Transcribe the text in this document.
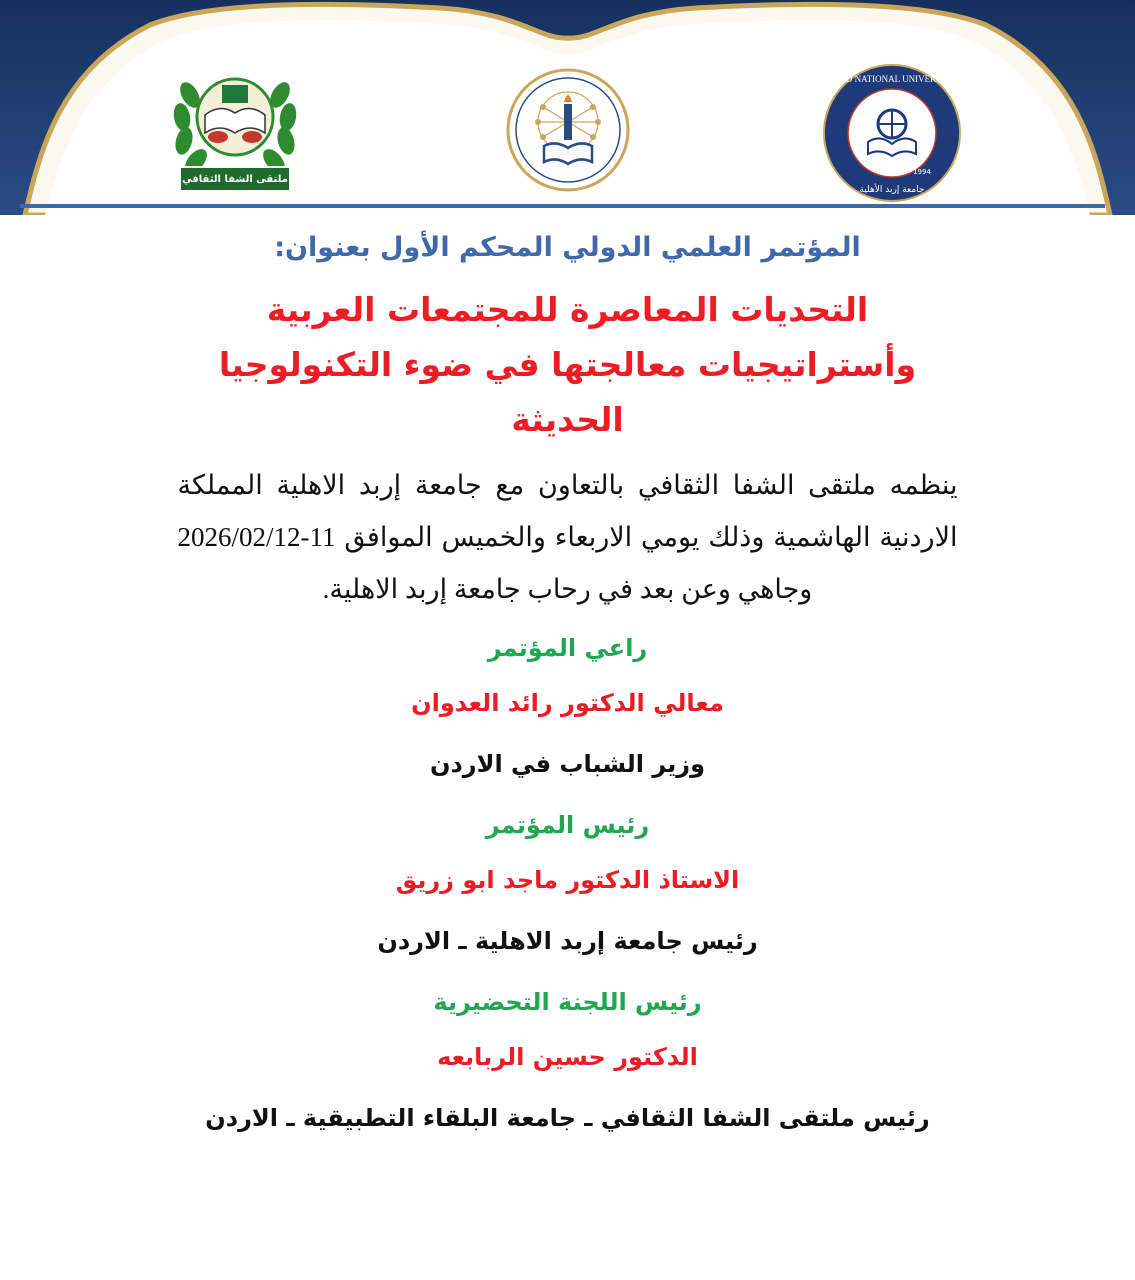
ملتقى الشفا الثقافي
IRBID NATIONAL UNIVERSITY
جامعة إربد الأهلية
1994
المؤتمر العلمي الدولي المحكم الأول بعنوان:
التحديات المعاصرة للمجتمعات العربية وأستراتيجيات معالجتها في ضوء التكنولوجيا الحديثة

ينظمه ملتقى الشفا الثقافي بالتعاون مع جامعة إربد الاهلية المملكة الاردنية الهاشمية وذلك يومي الاربعاء والخميس الموافق 11-2026/02/12 وجاهي وعن بعد في رحاب جامعة إربد الاهلية.

راعي المؤتمر

معالي الدكتور رائد العدوان

وزير الشباب في الاردن

رئيس المؤتمر

الاستاذ الدكتور ماجد ابو زريق

رئيس جامعة إربد الاهلية ـ الاردن

رئيس اللجنة التحضيرية

الدكتور حسين الربابعه

رئيس ملتقى الشفا الثقافي ـ جامعة البلقاء التطبيقية ـ الاردن
